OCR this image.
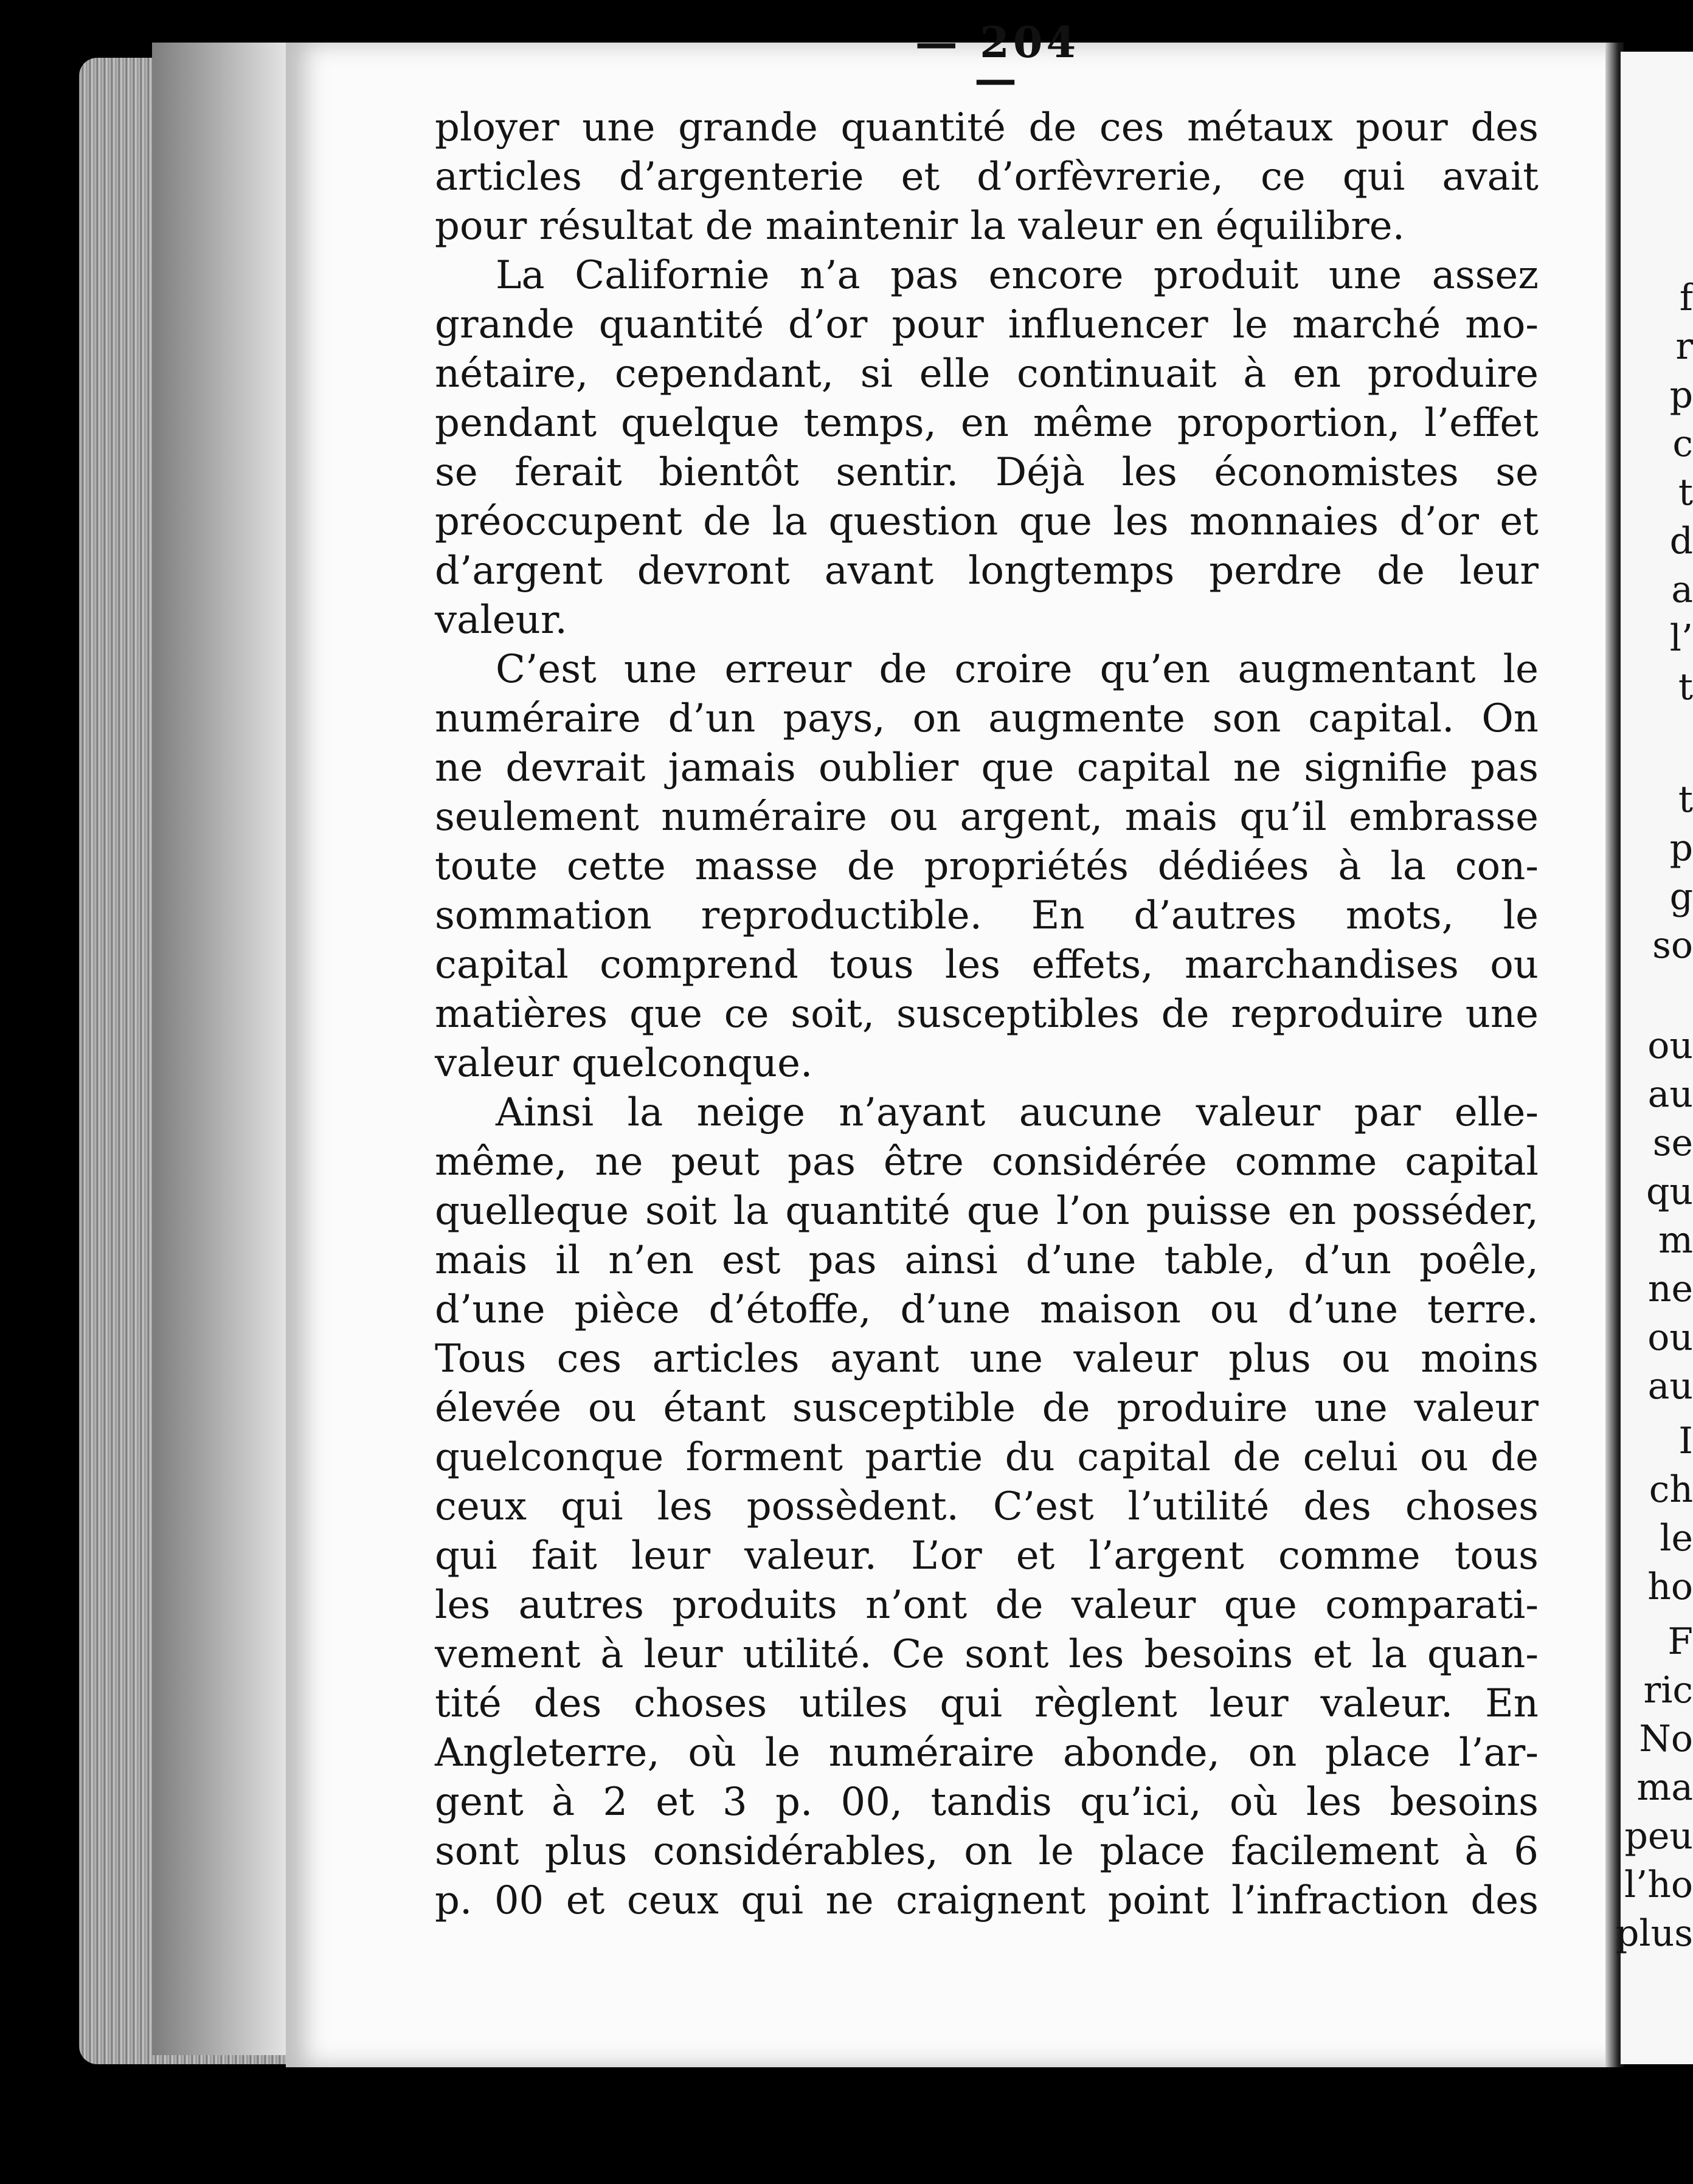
— 204 —
ployer une grande quantité de ces métaux pour des
articles d’argenterie et d’orfèvrerie, ce qui avait
pour résultat de maintenir la valeur en équilibre.
La Californie n’a pas encore produit une assez
grande quantité d’or pour influencer le marché mo-
nétaire, cependant, si elle continuait à en produire
pendant quelque temps, en même proportion, l’effet
se ferait bientôt sentir. Déjà les économistes se
préoccupent de la question que les monnaies d’or et
d’argent devront avant longtemps perdre de leur
valeur.
C’est une erreur de croire qu’en augmentant le
numéraire d’un pays, on augmente son capital. On
ne devrait jamais oublier que capital ne signifie pas
seulement numéraire ou argent, mais qu’il embrasse
toute cette masse de propriétés dédiées à la con-
sommation reproductible. En d’autres mots, le
capital comprend tous les effets, marchandises ou
matières que ce soit, susceptibles de reproduire une
valeur quelconque.
Ainsi la neige n’ayant aucune valeur par elle-
même, ne peut pas être considérée comme capital
quelleque soit la quantité que l’on puisse en posséder,
mais il n’en est pas ainsi d’une table, d’un poêle,
d’une pièce d’étoffe, d’une maison ou d’une terre.
Tous ces articles ayant une valeur plus ou moins
élevée ou étant susceptible de produire une valeur
quelconque forment partie du capital de celui ou de
ceux qui les possèdent. C’est l’utilité des choses
qui fait leur valeur. L’or et l’argent comme tous
les autres produits n’ont de valeur que comparati-
vement à leur utilité. Ce sont les besoins et la quan-
tité des choses utiles qui règlent leur valeur. En
Angleterre, où le numéraire abonde, on place l’ar-
gent à 2 et 3 p. 00, tandis qu’ici, où les besoins
sont plus considérables, on le place facilement à 6
p. 00 et ceux qui ne craignent point l’infraction des
f
r
p
c
t
d
a
l’
t
t
p
g
so
ou
au
se
qu
m
ne
ou
au
I
ch
le
ho
F
ric
No
ma
peu
l’ho
plus
